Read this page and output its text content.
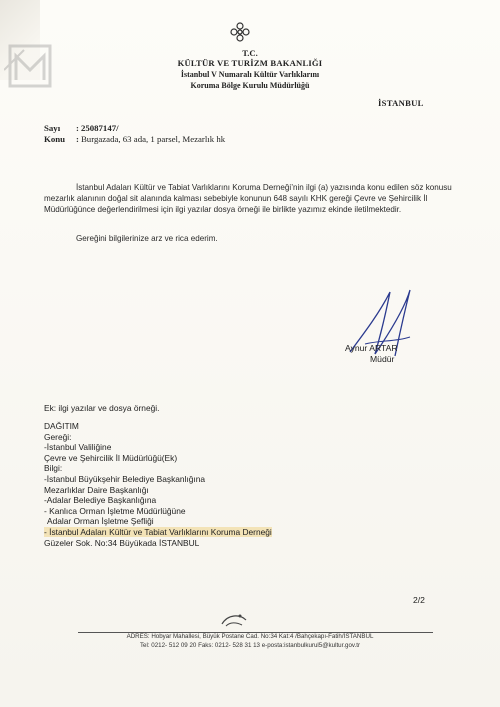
T.C.
KÜLTÜR VE TURİZM BAKANLIĞI
İstanbul V Numaralı Kültür Varlıklarını
Koruma Bölge Kurulu Müdürlüğü
İSTANBUL
Sayı : 25087147/
Konu : Burgazada, 63 ada, 1 parsel, Mezarlık hk
İstanbul Adaları Kültür ve Tabiat Varlıklarını Koruma Derneği’nin ilgi (a) yazısında konu edilen söz konusu mezarlık alanının doğal sit alanında kalması sebebiyle konunun 648 sayılı KHK gereği Çevre ve Şehircilik İl Müdürlüğünce değerlendirilmesi için ilgi yazılar dosya örneği ile birlikte yazımız ekinde iletilmektedir.
Gereğini bilgilerinize arz ve rica ederim.
Aynur ARTAR
Müdür
Ek: ilgi yazılar ve dosya örneği.
DAĞITIM
Gereği:
-İstanbul Valiliğine
Çevre ve Şehircilik İl Müdürlüğü(Ek)
Bilgi:
-İstanbul Büyükşehir Belediye Başkanlığına
Mezarlıklar Daire Başkanlığı
-Adalar Belediye Başkanlığına
- Kanlıca Orman İşletme Müdürlüğüne
Adalar Orman İşletme Şefliği
- İstanbul Adaları Kültür ve Tabiat Varlıklarını Koruma Derneği
Güzeler Sok. No:34 Büyükada İSTANBUL
2/2
ADRES: Hobyar Mahallesi, Büyük Postane Cad. No:34 Kat:4 /Bahçekapı-Fatih/İSTANBUL
Tel: 0212- 512 09 20 Faks: 0212- 528 31 13 e-posta:istanbulkurul5@kultur.gov.tr
